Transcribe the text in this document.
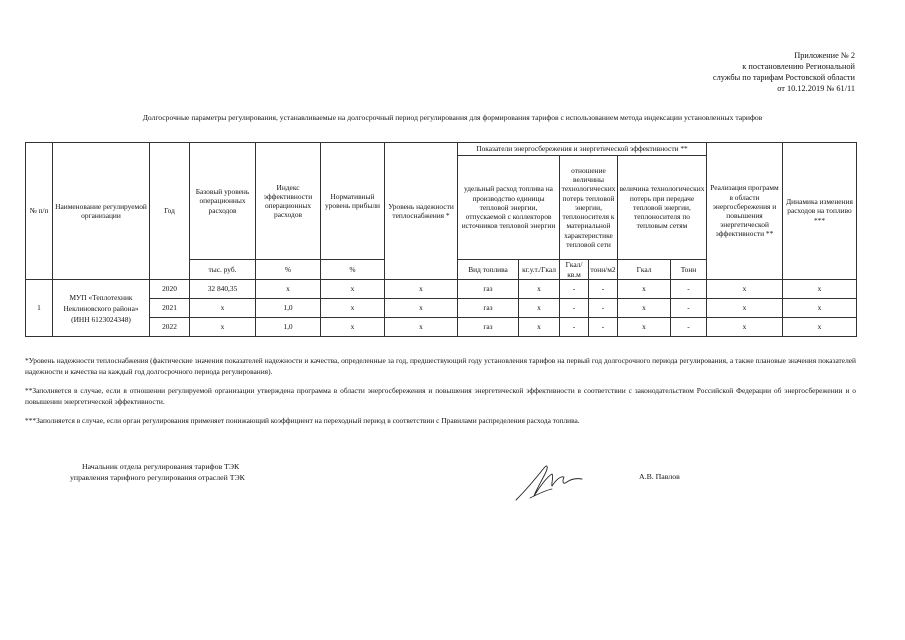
Приложение № 2
к постановлению Региональной
службы по тарифам Ростовской области
от 10.12.2019 № 61/11
Долгосрочные параметры регулирования, устанавливаемые на долгосрочный период регулирования для формирования тарифов с использованием метода индексации установленных тарифов
№ п/п	Наименование регулируемой организации	Год	Базовый уровень операционных расходов	Индекс эффективности операционных расходов	Нормативный уровень прибыли	Уровень надежности теплоснабжения *	Показатели энергосбережения и энергетической эффективности **						Реализация программ в области энергосбережения и повышения энергетической эффективности **	Динамика изменения расходов на топливо ***
							удельный расход топлива на производство единицы тепловой энергии, отпускаемой с коллекторов источников тепловой энергии		отношение величины технологических потерь тепловой энергии, теплоносителя к материальной характеристике тепловой сети		величина технологических потерь при передаче тепловой энергии, теплоносителя по тепловым сетям			
			тыс. руб.	%	%		Вид топлива	кг.у.т./Гкал	Гкал/ кв.м	тонн/м2	Гкал	Тонн		
1	МУП «Теплотехник Неклиновского района» (ИНН 6123024348)	2020	32 840,35	х	х	х	газ	х	-	-	х	-	х	х
		2021	х	1,0	х	х	газ	х	-	-	х	-	х	х
		2022	х	1,0	х	х	газ	х	-	-	х	-	х	х

*Уровень надежности теплоснабжения (фактические значения показателей надежности и качества, определенные за год, предшествующий году установления тарифов на первый год долгосрочного периода регулирования, а также плановые значения показателей надежности и качества на каждый год долгосрочного периода регулирования).

**Заполняется в случае, если в отношении регулируемой организации утверждена программа в области энергосбережения и повышения энергетической эффективности в соответствии с законодательством Российской Федерации об энергосбережении и о повышении энергетической эффективности.

***Заполняется в случае, если орган регулирования применяет понижающий коэффициент на переходный период в соответствии с Правилами распределения расхода топлива.

Начальник отдела регулирования тарифов ТЭК
управления тарифного регулирования отраслей ТЭК	А.В. Павлов
